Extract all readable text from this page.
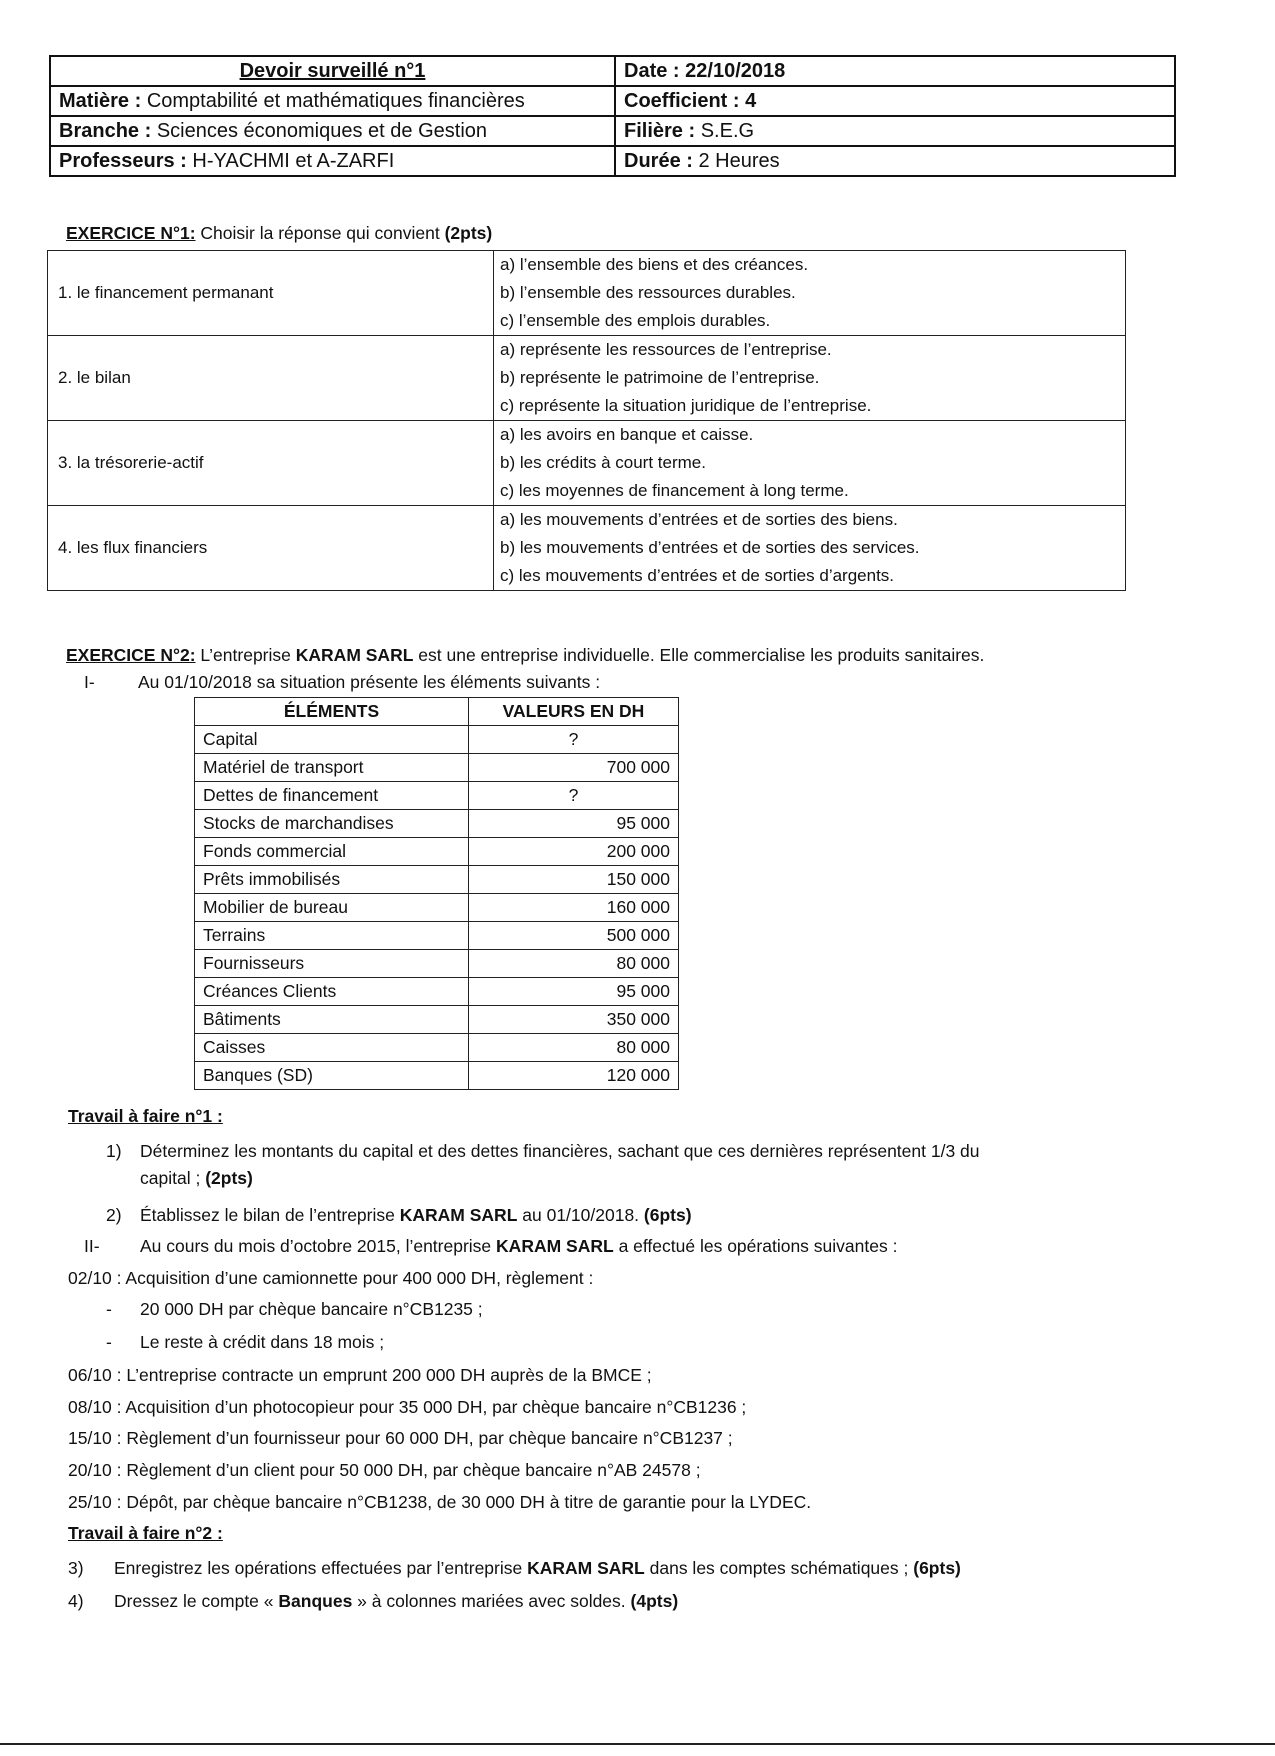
Devoir surveillé n°1	Date : 22/10/2018
Matière : Comptabilité et mathématiques financières	Coefficient : 4
Branche : Sciences économiques et de Gestion	Filière : S.E.G
Professeurs : H-YACHMI et A-ZARFI	Durée : 2 Heures
EXERCICE N°1: Choisir la réponse qui convient (2pts)
1. le financement permanant	a) l’ensemble des biens et des créances.
b) l’ensemble des ressources durables.
c) l’ensemble des emplois durables.

2. le bilan	a) représente les ressources de l’entreprise.
b) représente le patrimoine de l’entreprise.
c) représente la situation juridique de l’entreprise.

3. la trésorerie-actif	a) les avoirs en banque et caisse.
b) les crédits à court terme.
c) les moyennes de financement à long terme.

4. les flux financiers	a) les mouvements d’entrées et de sorties des biens.
b) les mouvements d’entrées et de sorties des services.
c) les mouvements d’entrées et de sorties d’argents.
EXERCICE N°2: L’entreprise KARAM SARL est une entreprise individuelle. Elle commercialise les produits sanitaires.
I- Au 01/10/2018 sa situation présente les éléments suivants :
ÉLÉMENTS	VALEURS EN DH
Capital	?
Matériel de transport	700 000
Dettes de financement	?
Stocks de marchandises	95 000
Fonds commercial	200 000
Prêts immobilisés	150 000
Mobilier de bureau	160 000
Terrains	500 000
Fournisseurs	80 000
Créances Clients	95 000
Bâtiments	350 000
Caisses	80 000
Banques (SD)	120 000
Travail à faire n°1 :
1) Déterminez les montants du capital et des dettes financières, sachant que ces dernières représentent 1/3 du
capital ; (2pts)
2) Établissez le bilan de l’entreprise KARAM SARL au 01/10/2018. (6pts)
II- Au cours du mois d’octobre 2015, l’entreprise KARAM SARL a effectué les opérations suivantes :
02/10 : Acquisition d’une camionnette pour 400 000 DH, règlement :
- 20 000 DH par chèque bancaire n°CB1235 ;
- Le reste à crédit dans 18 mois ;
06/10 : L’entreprise contracte un emprunt 200 000 DH auprès de la BMCE ;
08/10 : Acquisition d’un photocopieur pour 35 000 DH, par chèque bancaire n°CB1236 ;
15/10 : Règlement d’un fournisseur pour 60 000 DH, par chèque bancaire n°CB1237 ;
20/10 : Règlement d’un client pour 50 000 DH, par chèque bancaire n°AB 24578 ;
25/10 : Dépôt, par chèque bancaire n°CB1238, de 30 000 DH à titre de garantie pour la LYDEC.
Travail à faire n°2 :
3) Enregistrez les opérations effectuées par l’entreprise KARAM SARL dans les comptes schématiques ; (6pts)
4) Dressez le compte « Banques » à colonnes mariées avec soldes. (4pts)
